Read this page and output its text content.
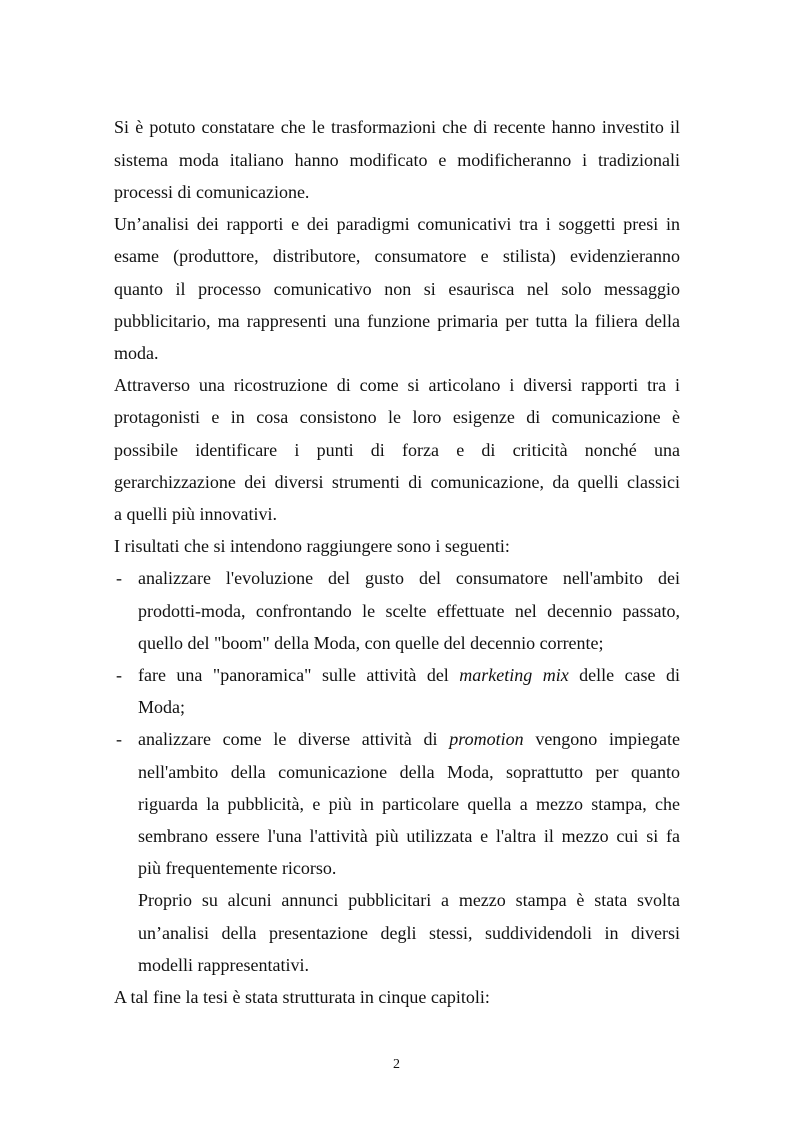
Si è potuto constatare che le trasformazioni che di recente hanno investito il
sistema moda italiano hanno modificato e modificheranno i tradizionali
processi di comunicazione.
Un’analisi dei rapporti e dei paradigmi comunicativi tra i soggetti presi in
esame (produttore, distributore, consumatore e stilista) evidenzieranno
quanto il processo comunicativo non si esaurisca nel solo messaggio
pubblicitario, ma rappresenti una funzione primaria per tutta la filiera della
moda.
Attraverso una ricostruzione di come si articolano i diversi rapporti tra i
protagonisti e in cosa consistono le loro esigenze di comunicazione è
possibile identificare i punti di forza e di criticità nonché una
gerarchizzazione dei diversi strumenti di comunicazione, da quelli classici
a quelli più innovativi.
I risultati che si intendono raggiungere sono i seguenti:
- analizzare l'evoluzione del gusto del consumatore nell'ambito dei
prodotti-moda, confrontando le scelte effettuate nel decennio passato,
quello del "boom" della Moda, con quelle del decennio corrente;
- fare una "panoramica" sulle attività del marketing mix delle case di
Moda;
- analizzare come le diverse attività di promotion vengono impiegate
nell'ambito della comunicazione della Moda, soprattutto per quanto
riguarda la pubblicità, e più in particolare quella a mezzo stampa, che
sembrano essere l'una l'attività più utilizzata e l'altra il mezzo cui si fa
più frequentemente ricorso.
Proprio su alcuni annunci pubblicitari a mezzo stampa è stata svolta
un’analisi della presentazione degli stessi, suddividendoli in diversi
modelli rappresentativi.
A tal fine la tesi è stata strutturata in cinque capitoli:
2
